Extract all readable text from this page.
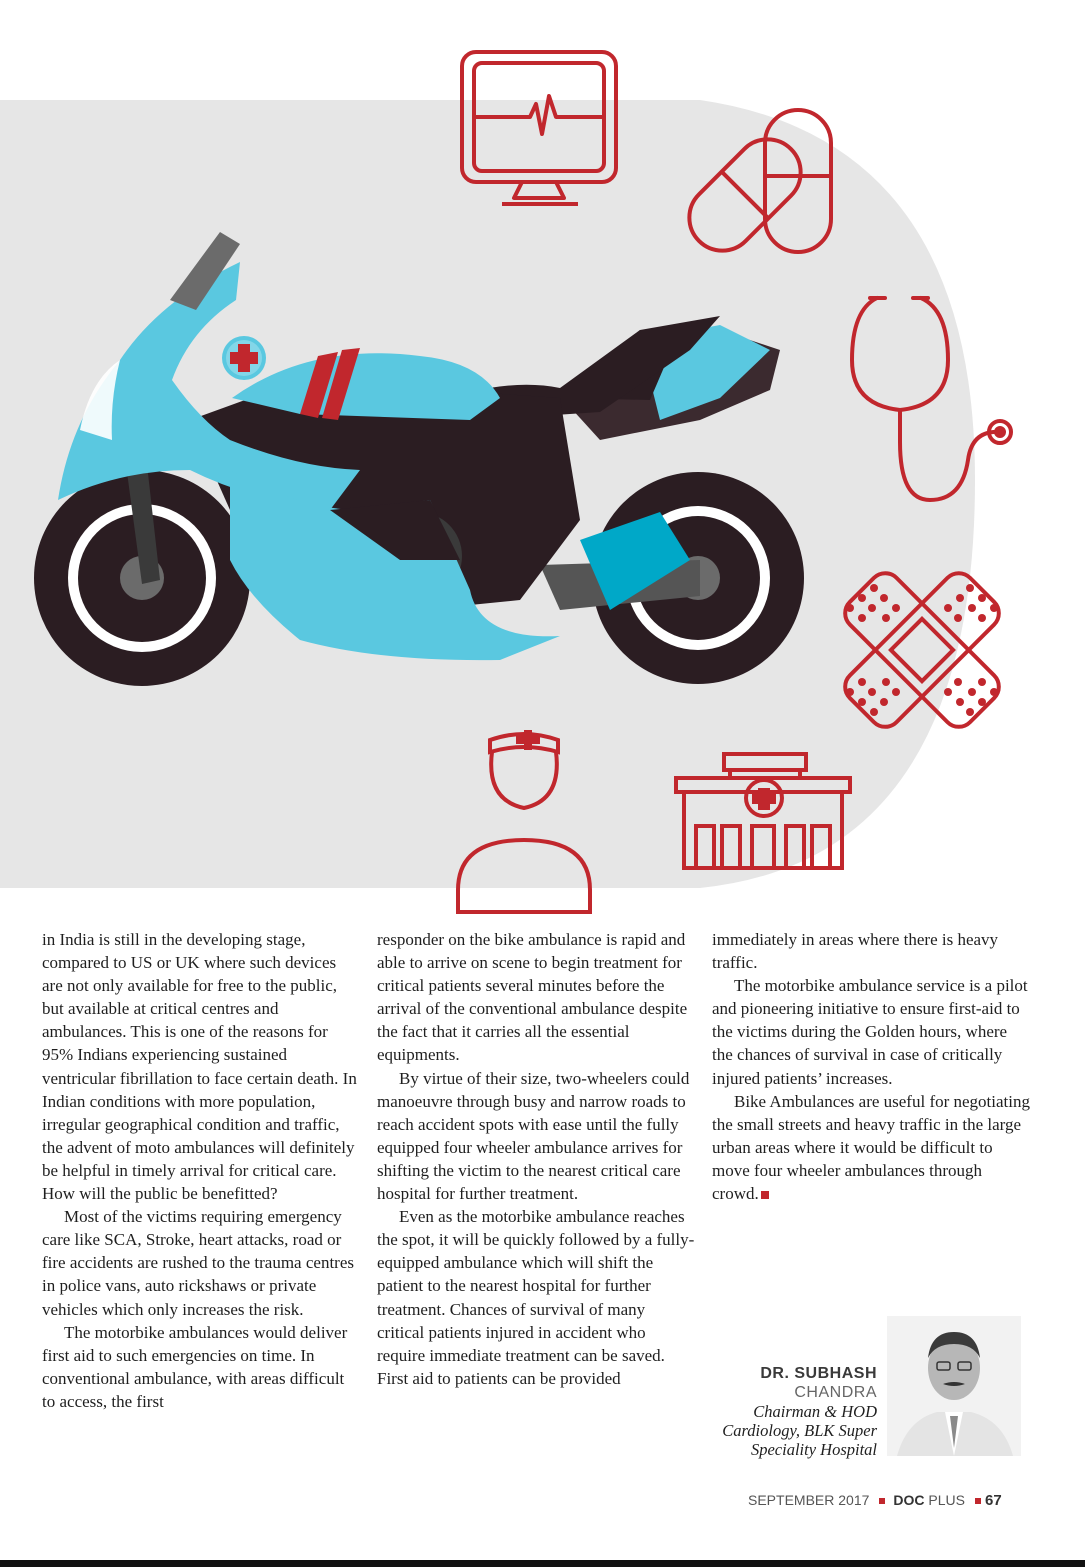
in India is still in the developing stage, compared to US or UK where such devices are not only available for free to the public, but available at critical centres and ambulances. This is one of the reasons for 95% Indians experiencing sustained ventricular fibrillation to face certain death. In Indian conditions with more population, irregular geographical condition and traffic, the advent of moto ambulances will definitely be helpful in timely arrival for critical care.

How will the public be benefitted?

Most of the victims requiring emergency care like SCA, Stroke, heart attacks, road or fire accidents are rushed to the trauma centres in police vans, auto rickshaws or private vehicles which only increases the risk.

The motorbike ambulances would deliver first aid to such emergencies on time. In conventional ambulance, with areas difficult to access, the first

responder on the bike ambulance is rapid and able to arrive on scene to begin treatment for critical patients several minutes before the arrival of the conventional ambulance despite the fact that it carries all the essential equipments.

By virtue of their size, two-wheelers could manoeuvre through busy and narrow roads to reach accident spots with ease until the fully equipped four wheeler ambulance arrives for shifting the victim to the nearest critical care hospital for further treatment.

Even as the motorbike ambulance reaches the spot, it will be quickly followed by a fully-equipped ambulance which will shift the patient to the nearest hospital for further treatment. Chances of survival of many critical patients injured in accident who require immediate treatment can be saved. First aid to patients can be provided

immediately in areas where there is heavy traffic.

The motorbike ambulance service is a pilot and pioneering initiative to ensure first-aid to the victims during the Golden hours, where the chances of survival in case of critically injured patients’ increases.

Bike Ambulances are useful for negotiating the small streets and heavy traffic in the large urban areas where it would be difficult to move four wheeler ambulances through crowd.

DR. SUBHASH
CHANDRA
Chairman & HOD
Cardiology, BLK Super
Speciality Hospital
SEPTEMBER 2017 DOC PLUS 67
